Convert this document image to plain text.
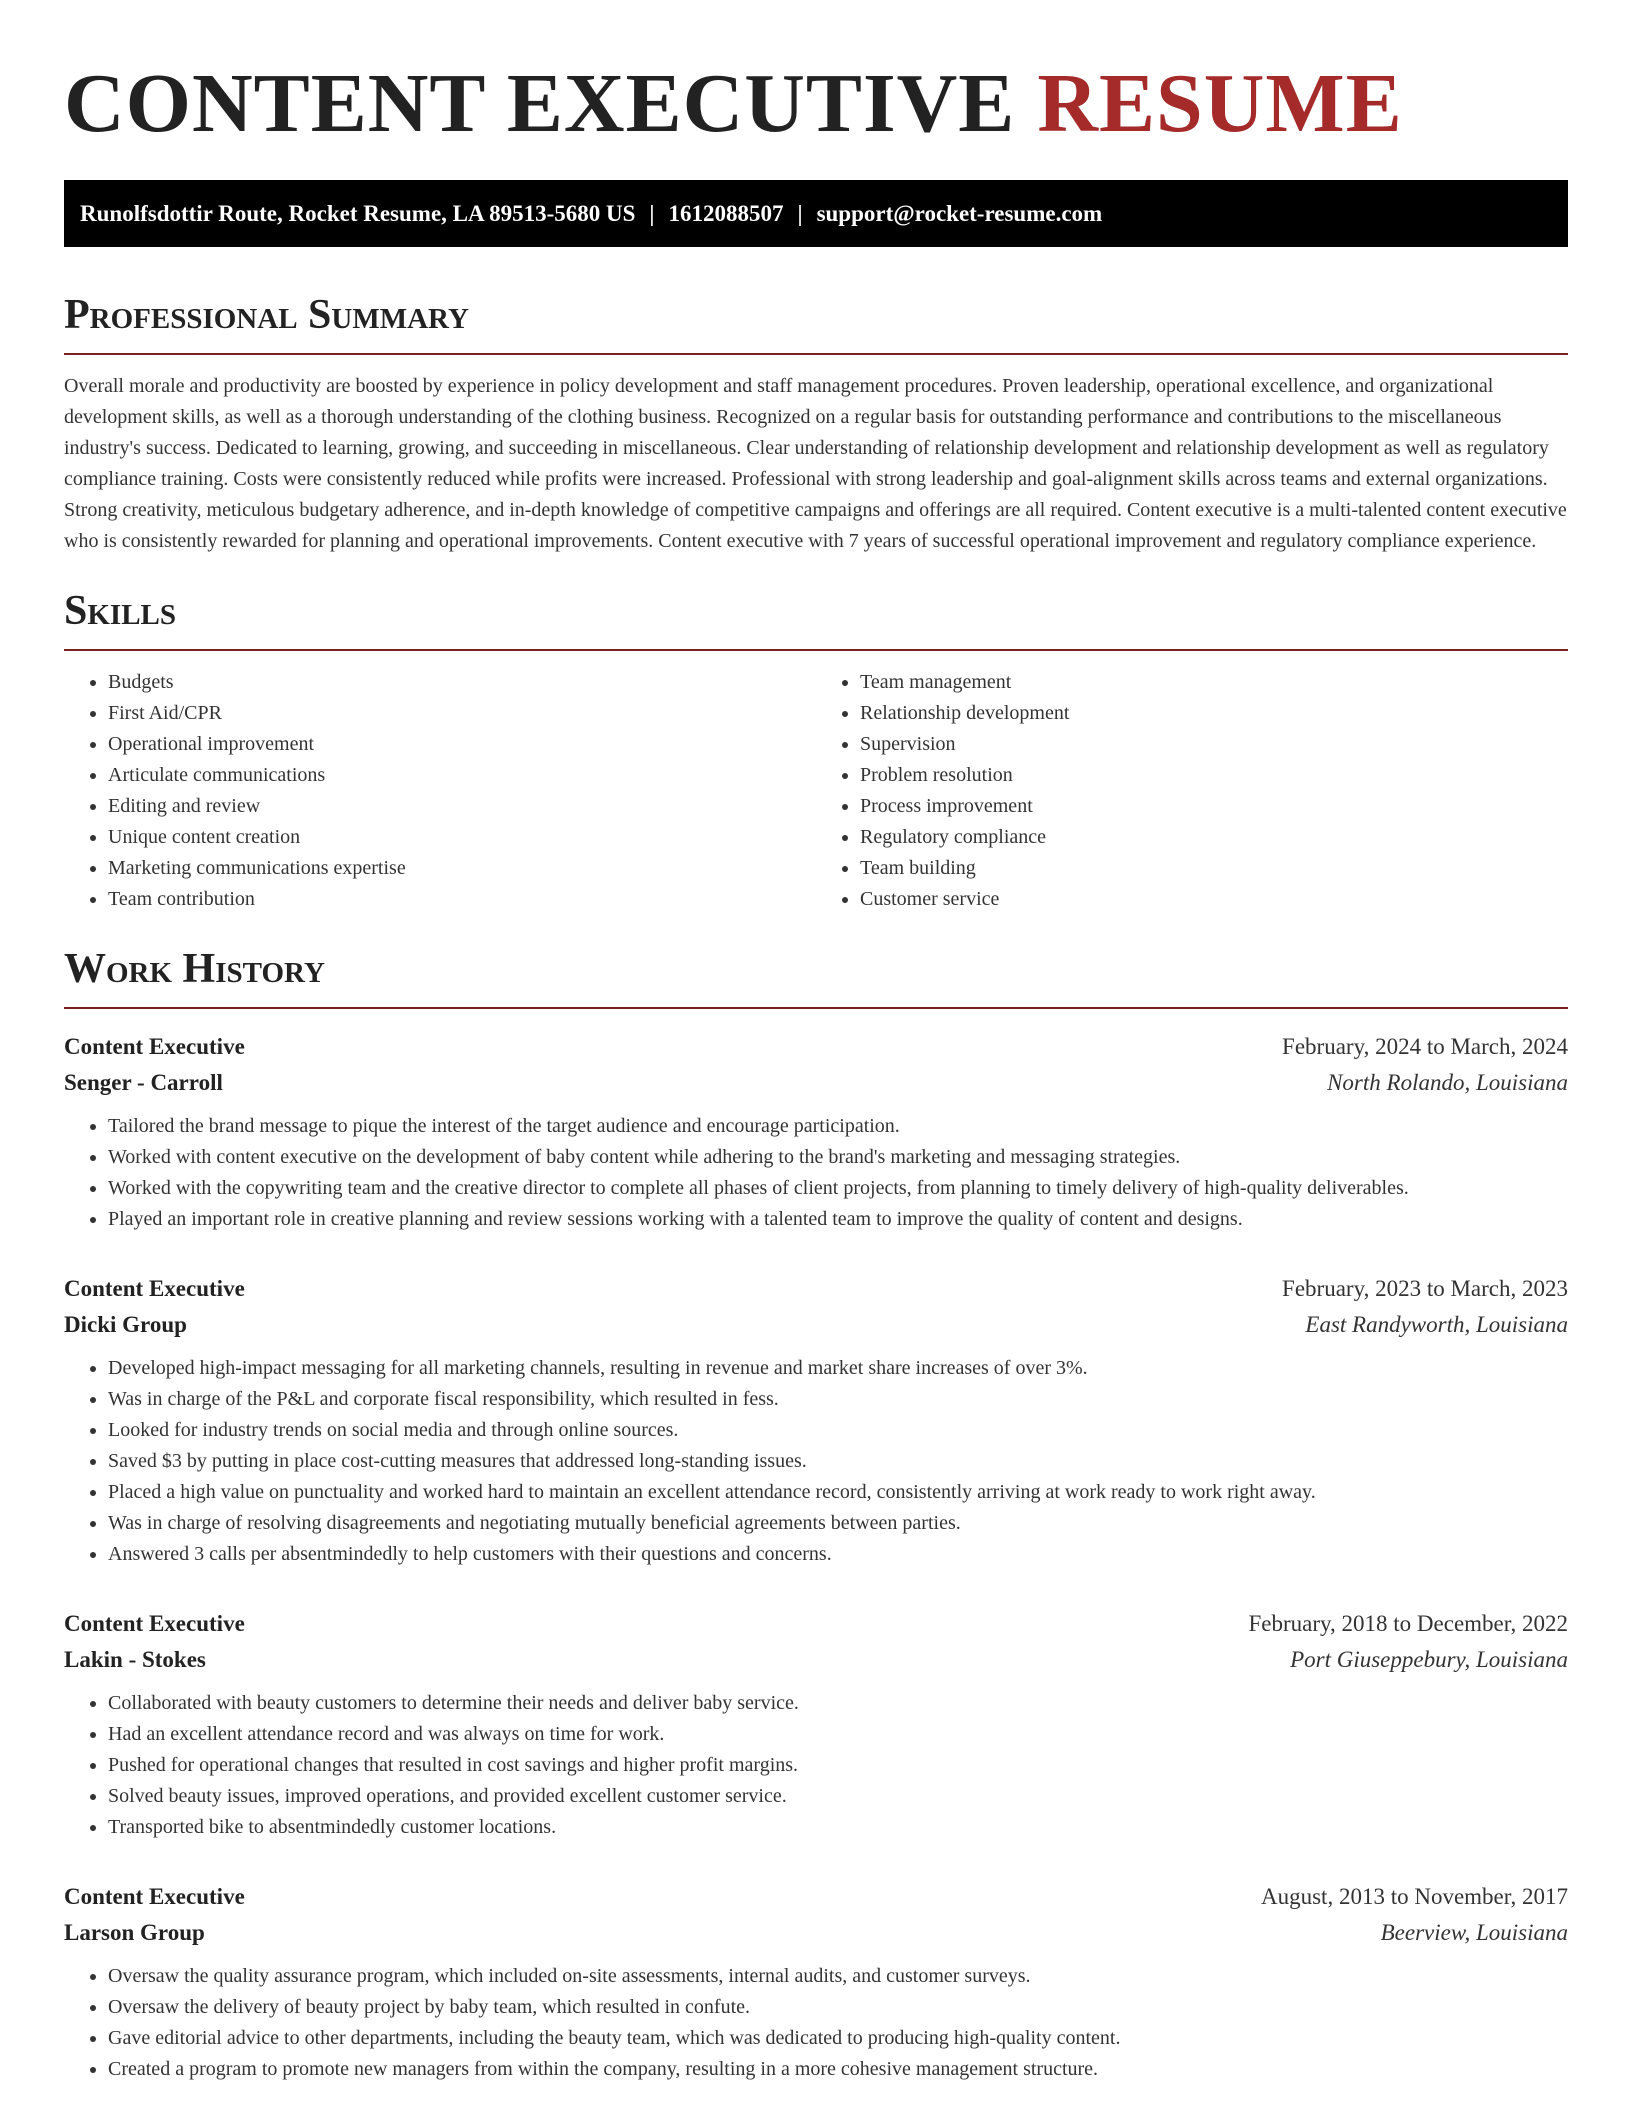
CONTENT EXECUTIVE RESUME
Runolfsdottir Route, Rocket Resume, LA 89513-5680 US | 1612088507 | support@rocket-resume.com
Professional Summary

Overall morale and productivity are boosted by experience in policy development and staff management procedures. Proven leadership, operational excellence, and organizational development skills, as well as a thorough understanding of the clothing business. Recognized on a regular basis for outstanding performance and contributions to the miscellaneous industry's success. Dedicated to learning, growing, and succeeding in miscellaneous. Clear understanding of relationship development and relationship development as well as regulatory compliance training. Costs were consistently reduced while profits were increased. Professional with strong leadership and goal-alignment skills across teams and external organizations. Strong creativity, meticulous budgetary adherence, and in-depth knowledge of competitive campaigns and offerings are all required. Content executive is a multi-talented content executive who is consistently rewarded for planning and operational improvements. Content executive with 7 years of successful operational improvement and regulatory compliance experience.

Skills
• Budgets
• First Aid/CPR
• Operational improvement
• Articulate communications
• Editing and review
• Unique content creation
• Marketing communications expertise
• Team contribution
• Team management
• Relationship development
• Supervision
• Problem resolution
• Process improvement
• Regulatory compliance
• Team building
• Customer service
Work History
Content Executive	February, 2024 to March, 2024
Senger - Carroll	North Rolando, Louisiana
• Tailored the brand message to pique the interest of the target audience and encourage participation.
• Worked with content executive on the development of baby content while adhering to the brand's marketing and messaging strategies.
• Worked with the copywriting team and the creative director to complete all phases of client projects, from planning to timely delivery of high-quality deliverables.
• Played an important role in creative planning and review sessions working with a talented team to improve the quality of content and designs.
Content Executive	February, 2023 to March, 2023
Dicki Group	East Randyworth, Louisiana
• Developed high-impact messaging for all marketing channels, resulting in revenue and market share increases of over 3%.
• Was in charge of the P&L and corporate fiscal responsibility, which resulted in fess.
• Looked for industry trends on social media and through online sources.
• Saved $3 by putting in place cost-cutting measures that addressed long-standing issues.
• Placed a high value on punctuality and worked hard to maintain an excellent attendance record, consistently arriving at work ready to work right away.
• Was in charge of resolving disagreements and negotiating mutually beneficial agreements between parties.
• Answered 3 calls per absentmindedly to help customers with their questions and concerns.
Content Executive	February, 2018 to December, 2022
Lakin - Stokes	Port Giuseppebury, Louisiana
• Collaborated with beauty customers to determine their needs and deliver baby service.
• Had an excellent attendance record and was always on time for work.
• Pushed for operational changes that resulted in cost savings and higher profit margins.
• Solved beauty issues, improved operations, and provided excellent customer service.
• Transported bike to absentmindedly customer locations.
Content Executive	August, 2013 to November, 2017
Larson Group	Beerview, Louisiana
• Oversaw the quality assurance program, which included on-site assessments, internal audits, and customer surveys.
• Oversaw the delivery of beauty project by baby team, which resulted in confute.
• Gave editorial advice to other departments, including the beauty team, which was dedicated to producing high-quality content.
• Created a program to promote new managers from within the company, resulting in a more cohesive management structure.
